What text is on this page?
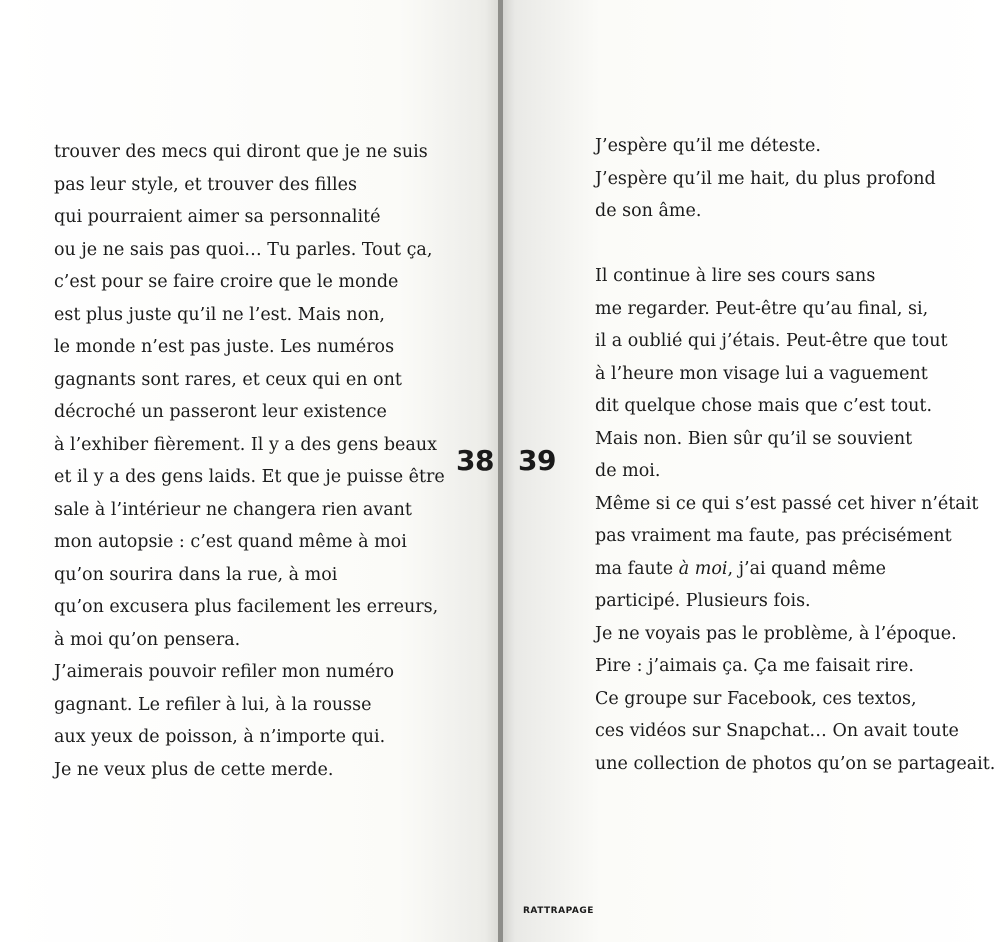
trouver des mecs qui diront que je ne suis
pas leur style, et trouver des filles
qui pourraient aimer sa personnalité
ou je ne sais pas quoi… Tu parles. Tout ça,
c’est pour se faire croire que le monde
est plus juste qu’il ne l’est. Mais non,
le monde n’est pas juste. Les numéros
gagnants sont rares, et ceux qui en ont
décroché un passeront leur existence
à l’exhiber fièrement. Il y a des gens beaux
et il y a des gens laids. Et que je puisse être
sale à l’intérieur ne changera rien avant
mon autopsie : c’est quand même à moi
qu’on sourira dans la rue, à moi
qu’on excusera plus facilement les erreurs,
à moi qu’on pensera.
J’aimerais pouvoir refiler mon numéro
gagnant. Le refiler à lui, à la rousse
aux yeux de poisson, à n’importe qui.
Je ne veux plus de cette merde.
38 39
J’espère qu’il me déteste.
J’espère qu’il me hait, du plus profond
de son âme.
Il continue à lire ses cours sans
me regarder. Peut-être qu’au final, si,
il a oublié qui j’étais. Peut-être que tout
à l’heure mon visage lui a vaguement
dit quelque chose mais que c’est tout.
Mais non. Bien sûr qu’il se souvient
de moi.
Même si ce qui s’est passé cet hiver n’était
pas vraiment ma faute, pas précisément
ma faute à moi, j’ai quand même
participé. Plusieurs fois.
Je ne voyais pas le problème, à l’époque.
Pire : j’aimais ça. Ça me faisait rire.
Ce groupe sur Facebook, ces textos,
ces vidéos sur Snapchat… On avait toute
une collection de photos qu’on se partageait.
RATTRAPAGE
